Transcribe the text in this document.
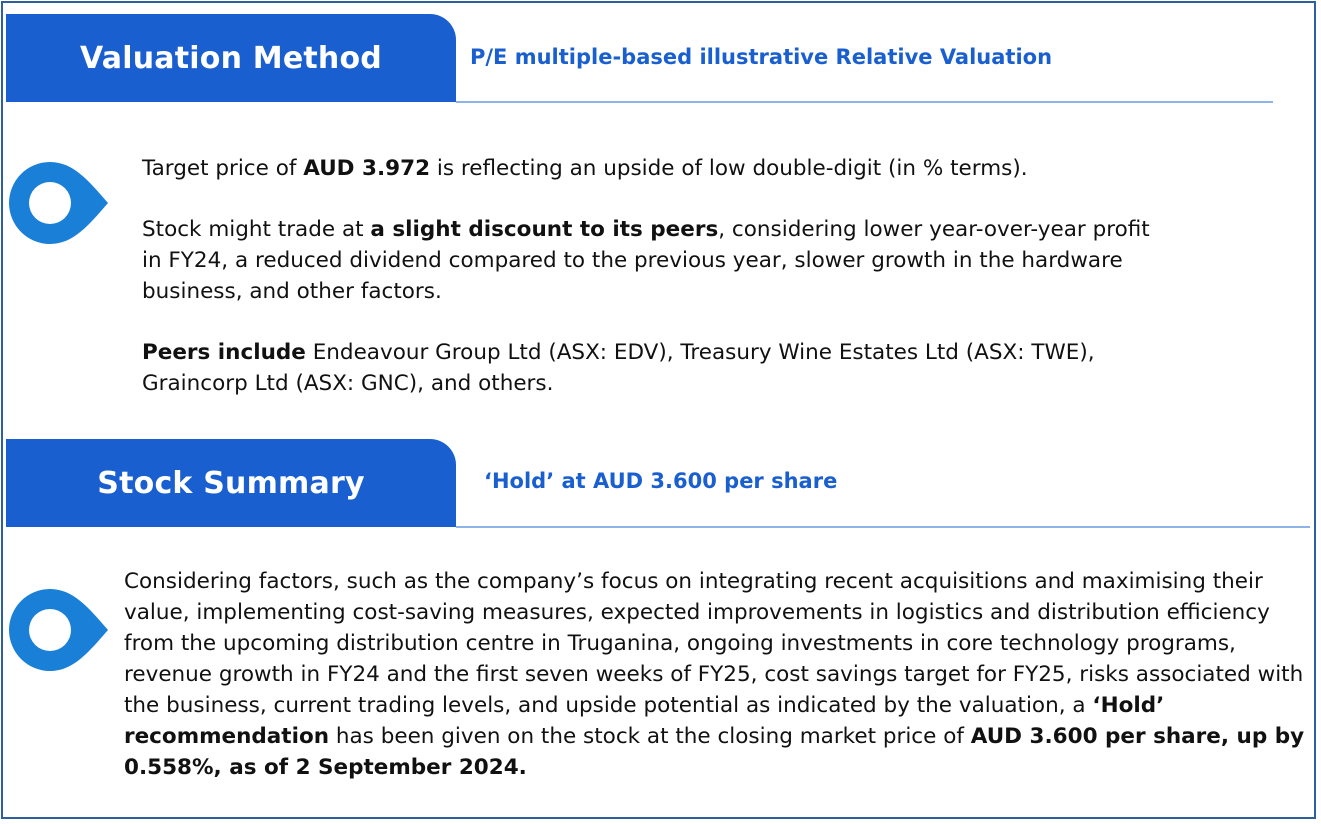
Valuation Method	P/E multiple-based illustrative Relative Valuation

Target price of AUD 3.972 is reflecting an upside of low double-digit (in % terms).

Stock might trade at a slight discount to its peers, considering lower year-over-year profit in FY24, a reduced dividend compared to the previous year, slower growth in the hardware business, and other factors.

Peers include Endeavour Group Ltd (ASX: EDV), Treasury Wine Estates Ltd (ASX: TWE), Graincorp Ltd (ASX: GNC), and others.

Stock Summary	‘Hold’ at AUD 3.600 per share

Considering factors, such as the company’s focus on integrating recent acquisitions and maximising their value, implementing cost-saving measures, expected improvements in logistics and distribution efficiency from the upcoming distribution centre in Truganina, ongoing investments in core technology programs, revenue growth in FY24 and the first seven weeks of FY25, cost savings target for FY25, risks associated with the business, current trading levels, and upside potential as indicated by the valuation, a ‘Hold’ recommendation has been given on the stock at the closing market price of AUD 3.600 per share, up by 0.558%, as of 2 September 2024.
